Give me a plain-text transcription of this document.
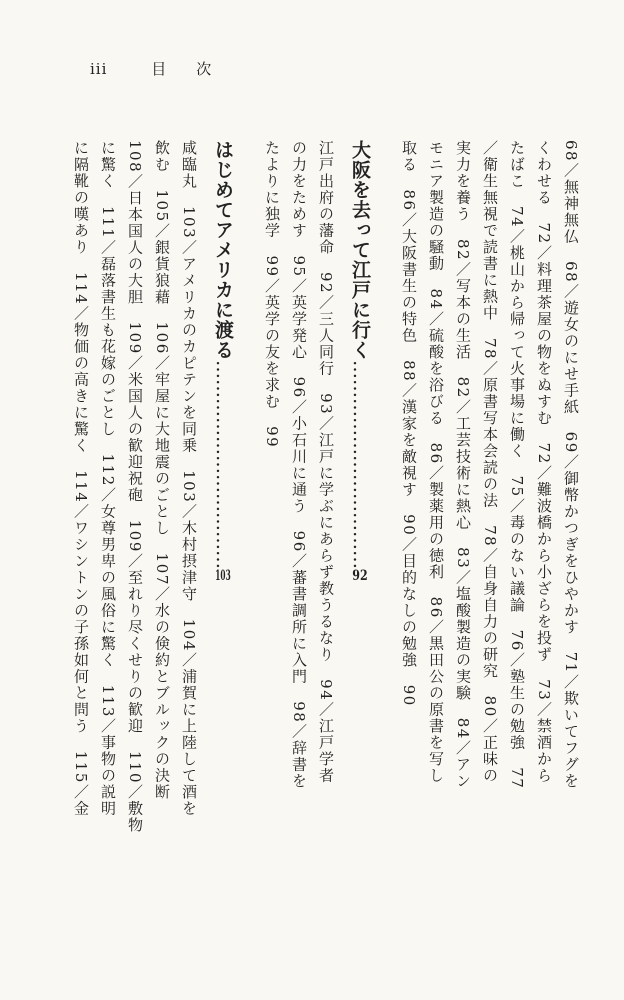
iii	目次
68／無神無仏　68／遊女のにせ手紙　69／御幣かつぎをひやかす　71／欺いてフグを
くわせる　72／料理茶屋の物をぬすむ　72／難波橋から小ざらを投ず　73／禁酒から
たばこ　74／桃山から帰って火事場に働く　75／毒のない議論　76／塾生の勉強　77
／衛生無視で読書に熱中　78／原書写本会読の法　78／自身自力の研究　80／正味の
実力を養う　82／写本の生活　82／工芸技術に熱心　83／塩酸製造の実験　84／アン
モニア製造の騒動　84／硫酸を浴びる　86／製薬用の徳利　86／黒田公の原書を写し
取る　86／大阪書生の特色　88／漢家を敵視す　90／目的なしの勉強　90
大阪を去って江戸に行く……………………………92
江戸出府の藩命　92／三人同行　93／江戸に学ぶにあらず教うるなり　94／江戸学者
の力をためす　95／英学発心　96／小石川に通う　96／蕃書調所に入門　98／辞書を
たよりに独学　99／英学の友を求む　99
はじめてアメリカに渡る……………………………103
咸臨丸　103／アメリカのカピテンを同乗　103／木村摂津守　104／浦賀に上陸して酒を
飲む　105／銀貨狼藉　106／牢屋に大地震のごとし　107／水の倹約とブルックの決断
108／日本国人の大胆　109／米国人の歓迎祝砲　109／至れり尽くせりの歓迎　110／敷物
に驚く　111／磊落書生も花嫁のごとし　112／女尊男卑の風俗に驚く　113／事物の説明
に隔靴の嘆あり　114／物価の高きに驚く　114／ワシントンの子孫如何と問う　115／金
